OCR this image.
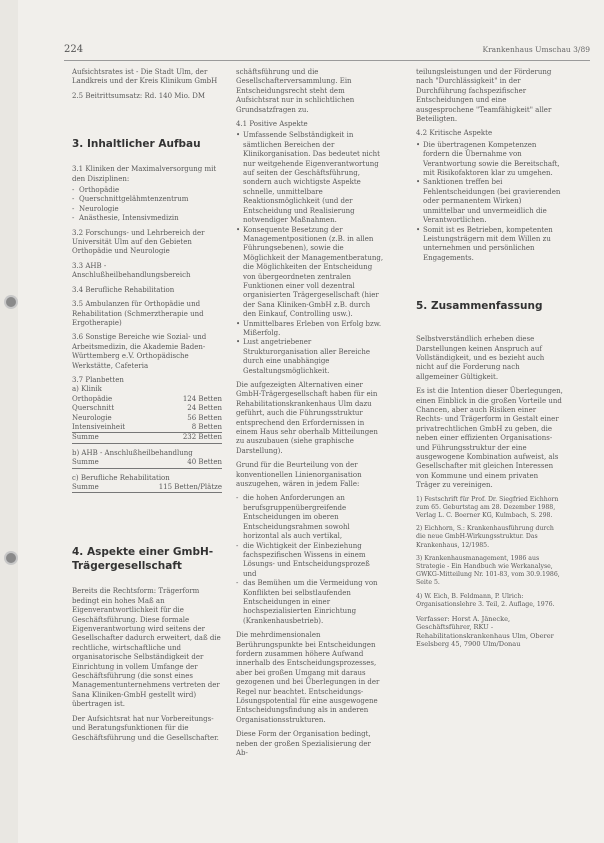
224	Krankenhaus Umschau 3/89

Aufsichtsrates ist - Die Stadt Ulm, der Landkreis und der Kreis Klinikum GmbH

2.5 Beitrittsumsatz: Rd. 140 Mio. DM

3. Inhaltlicher Aufbau

3.1 Kliniken der Maximalversorgung mit den Disziplinen:

- Orthopädie
- Querschnittgelähmtenzentrum
- Neurologie
- Anästhesie, Intensivmedizin

3.2 Forschungs- und Lehrbereich der Universität Ulm auf den Gebieten Orthopädie und Neurologie

3.3 AHB - Anschlußheilbehandlungsbereich

3.4 Berufliche Rehabilitation

3.5 Ambulanzen für Orthopädie und Rehabilitation (Schmerztherapie und Ergotherapie)

3.6 Sonstige Bereiche wie Sozial- und Arbeitsmedizin, die Akademie Baden-Württemberg e.V. Orthopädische Werkstätte, Cafeteria

3.7 Planbetten
a) Klinik
Orthopädie	124 Betten
Querschnitt	24 Betten
Neurologie	56 Betten
Intensiveinheit	8 Betten
Summe	232 Betten
b) AHB - Anschlußheilbehandlung
Summe	40 Betten
c) Berufliche Rehabilitation
Summe	115 Betten/Plätze
4. Aspekte einer GmbH-Trägergesellschaft

Bereits die Rechtsform: Trägerform bedingt ein hohes Maß an Eigenverantwortlichkeit für die Geschäftsführung. Diese formale Eigenverantwortung wird seitens der Gesellschafter dadurch erweitert, daß die rechtliche, wirtschaftliche und organisatorische Selbständigkeit der Einrichtung in vollem Umfange der Geschäftsführung (die sonst eines Managementunternehmens vertreten der Sana Kliniken-GmbH gestellt wird) übertragen ist.

Der Aufsichtsrat hat nur Vorbereitungs- und Beratungsfunktionen für die Geschäftsführung und die Gesellschafter.

schäftsführung und die Gesellschafterversammlung. Ein Entscheidungsrecht steht dem Aufsichtsrat nur in schlichtlichen Grundsatzfragen zu.

4.1 Positive Aspekte

• Umfassende Selbständigkeit in sämtlichen Bereichen der Klinikorganisation. Das bedeutet nicht nur weitgehende Eigenverantwortung auf seiten der Geschäftsführung, sondern auch wichtigste Aspekte schnelle, unmittelbare Reaktionsmöglichkeit (und der Entscheidung und Realisierung notwendiger Maßnahmen.
• Konsequente Besetzung der Managementpositionen (z.B. in allen Führungsebenen), sowie die Möglichkeit der Managementberatung, die Möglichkeiten der Entscheidung von übergeordneten zentralen Funktionen einer voll dezentral organisierten Trägergesellschaft (hier der Sana Kliniken-GmbH z.B. durch den Einkauf, Controlling usw.).
• Unmittelbares Erleben von Erfolg bzw. Mißerfolg.
• Lust angetriebener Strukturorganisation aller Bereiche durch eine unabhängige Gestaltungsmöglichkeit.

Die aufgezeigten Alternativen einer GmbH-Trägergesellschaft haben für ein Rehabilitationskrankenhaus Ulm dazu geführt, auch die Führungsstruktur entsprechend den Erfordernissen in einem Haus sehr oberhalb Mitteilungen zu auszubauen (siehe graphische Darstellung).

Grund für die Beurteilung von der konventionellen Linienorganisation auszugehen, wären in jedem Falle:

- die hohen Anforderungen an berufsgruppenübergreifende Entscheidungen im oberen Entscheidungsrahmen sowohl horizontal als auch vertikal,
- die Wichtigkeit der Einbeziehung fachspezifischen Wissens in einem Lösungs- und Entscheidungsprozeß und
- das Bemühen um die Vermeidung von Konflikten bei selbstlaufenden Entscheidungen in einer hochspezialisierten Einrichtung (Krankenhausbetrieb).

Die mehrdimensionalen Berührungspunkte bei Entscheidungen fordern zusammen höhere Aufwand innerhalb des Entscheidungsprozesses, aber bei großen Umgang mit daraus gezogenen und bei Überlegungen in der Regel nur beachtet. Entscheidungs-Lösungspotential für eine ausgewogene Entscheidungsfindung als in anderen Organisationsstrukturen.

Diese Form der Organisation bedingt, neben der großen Spezialisierung der Ab-

teilungsleistungen und der Förderung nach "Durchlässigkeit" in der Durchführung fachspezifischer Entscheidungen und eine ausgesprochene "Teamfähigkeit" aller Beteiligten.

4.2 Kritische Aspekte

• Die übertragenen Kompetenzen fordern die Übernahme von Verantwortung sowie die Bereitschaft, mit Risikofaktoren klar zu umgehen.
• Sanktionen treffen bei Fehlentscheidungen (bei gravierenden oder permanentem Wirken) unmittelbar und unvermeidlich die Verantwortlichen.
• Somit ist es Betrieben, kompetenten Leistungsträgern mit dem Willen zu unternehmen und persönlichen Engagements.
5. Zusammenfassung

Selbstverständlich erheben diese Darstellungen keinen Anspruch auf Vollständigkeit, und es bezieht auch nicht auf die Forderung nach allgemeiner Gültigkeit.

Es ist die Intention dieser Überlegungen, einen Einblick in die großen Vorteile und Chancen, aber auch Risiken einer Rechts- und Trägerform in Gestalt einer privatrechtlichen GmbH zu geben, die neben einer effizienten Organisations- und Führungsstruktur der eine ausgewogene Kombination aufweist, als Gesellschafter mit gleichen Interessen von Kommune und einem privaten Träger zu vereinigen.

1) Festschrift für Prof. Dr. Siegfried Eichhorn zum 65. Geburtstag am 28. Dezember 1988, Verlag L. C. Boerner KG, Kulmbach, S. 298.

2) Eichhorn, S.: Krankenhausführung durch die neue GmbH-Wirkungsstruktur. Das Krankenhaus, 12/1985.

3) Krankenhausmanagement, 1986 aus Strategie - Ein Handbuch wie Werkanalyse, GWKG-Mitteilung Nr. 101-83, vom 30.9.1986, Seite 5.

4) W. Eich, B. Feldmann, P. Ulrich: Organisationslehre 3. Teil, 2. Auflage, 1976.

Verfasser: Horst A. Jänecke, Geschäftsführer, RKU - Rehabilitationskrankenhaus Ulm, Oberer Eselsberg 45, 7900 Ulm/Donau
